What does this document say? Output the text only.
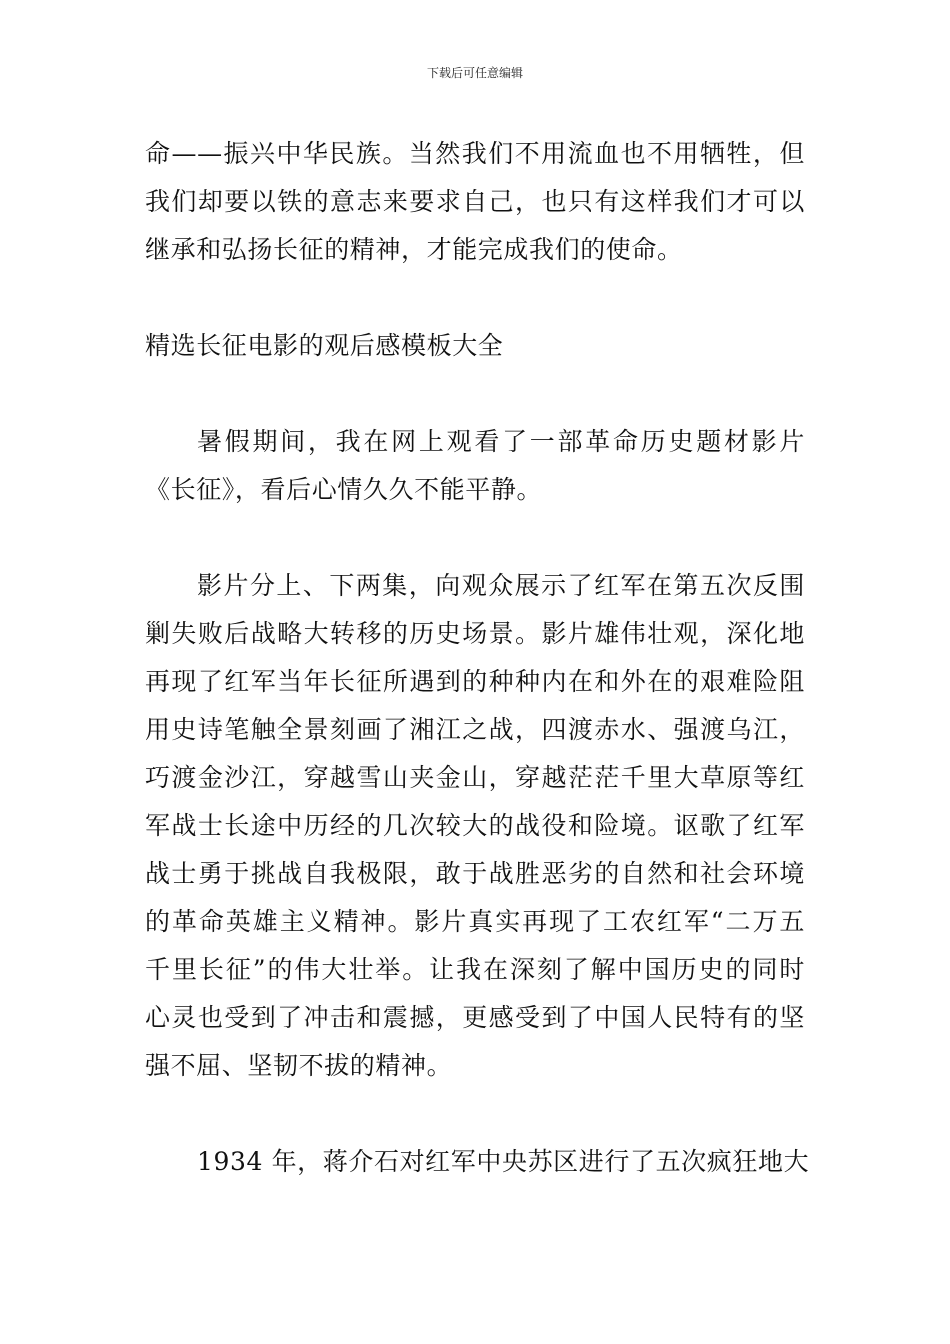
下载后可任意编辑
命——振兴中华民族。当然我们不用流血也不用牺牲，但
我们却要以铁的意志来要求自己，也只有这样我们才可以
继承和弘扬长征的精神，才能完成我们的使命。
精选长征电影的观后感模板大全
暑假期间，我在网上观看了一部革命历史题材影片
《长征》，看后心情久久不能平静。
影片分上、下两集，向观众展示了红军在第五次反围
剿失败后战略大转移的历史场景。影片雄伟壮观，深化地
再现了红军当年长征所遇到的种种内在和外在的艰难险阻
用史诗笔触全景刻画了湘江之战，四渡赤水、强渡乌江，
巧渡金沙江，穿越雪山夹金山，穿越茫茫千里大草原等红
军战士长途中历经的几次较大的战役和险境。讴歌了红军
战士勇于挑战自我极限，敢于战胜恶劣的自然和社会环境
的革命英雄主义精神。影片真实再现了工农红军“二万五
千里长征”的伟大壮举。让我在深刻了解中国历史的同时
心灵也受到了冲击和震撼，更感受到了中国人民特有的坚
强不屈、坚韧不拔的精神。
1934 年，蒋介石对红军中央苏区进行了五次疯狂地大
